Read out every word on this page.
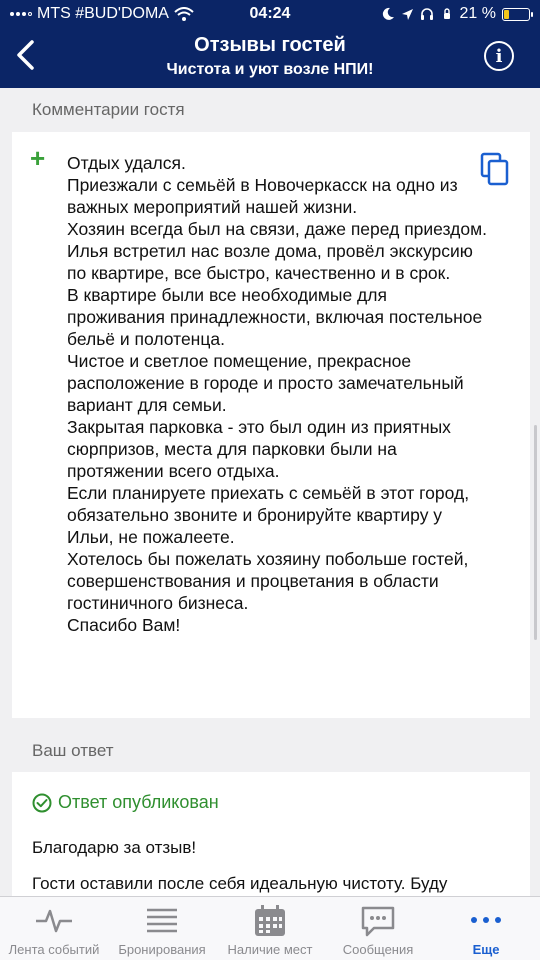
MTS #BUD'DOMA	04:24	21 %
Отзывы гостей
Чистота и уют возле НПИ!
i
Комментарии гостя
+ Отдых удался.

Приезжали с семьёй в Новочеркасск на одно из важных мероприятий нашей жизни.

Хозяин всегда был на связи, даже перед приездом. Илья встретил нас возле дома, провёл экскурсию по квартире, все быстро, качественно и в срок.

В квартире были все необходимые для проживания принадлежности, включая постельное бельё и полотенца.

Чистое и светлое помещение, прекрасное расположение в городе и просто замечательный вариант для семьи.

Закрытая парковка - это был один из приятных сюрпризов, места для парковки были на протяжении всего отдыха.

Если планируете приехать с семьёй в этот город, обязательно звоните и бронируйте квартиру у Ильи, не пожалеете.

Хотелось бы пожелать хозяину побольше гостей, совершенствования и процветания в области гостиничного бизнеса.

Спасибо Вам!

Ваш ответ
Ответ опубликован
Благодарю за отзыв!
Гости оставили после себя идеальную чистоту. Буду
Лента событий	Бронирования	Наличие мест	Сообщения	Еще
